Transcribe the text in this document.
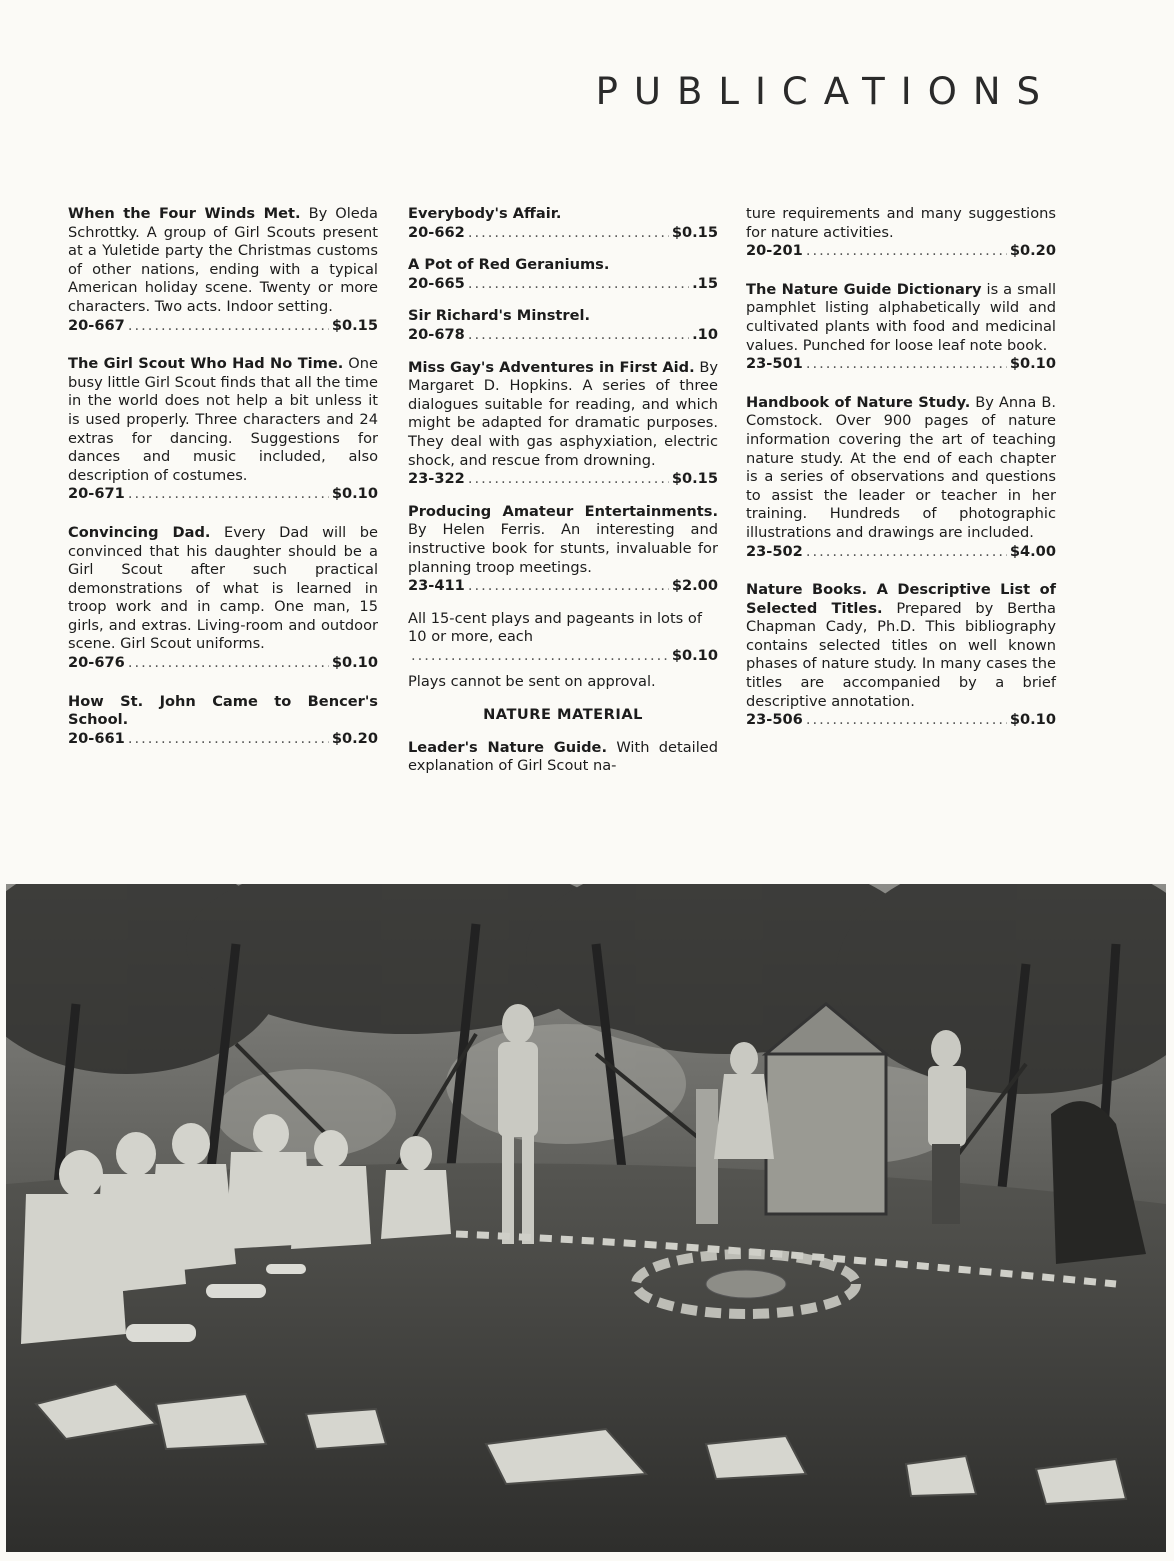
PUBLICATIONS

When the Four Winds Met. By Oleda Schrottky. A group of Girl Scouts present at a Yuletide party the Christmas customs of other nations, ending with a typical American holiday scene. Twenty or more characters. Two acts. Indoor setting.

20-667 .....	$0.15

The Girl Scout Who Had No Time. One busy little Girl Scout finds that all the time in the world does not help a bit unless it is used properly. Three characters and 24 extras for dancing. Suggestions for dances and music included, also description of costumes.

20-671 .....	$0.10

Convincing Dad. Every Dad will be convinced that his daughter should be a Girl Scout after such practical demonstrations of what is learned in troop work and in camp. One man, 15 girls, and extras. Living-room and outdoor scene. Girl Scout uniforms.

20-676 .....	$0.10

How St. John Came to Bencer's School.

20-661 .....	$0.20

Everybody's Affair.

20-662 .....	$0.15

A Pot of Red Geraniums.

20-665 .....	.15

Sir Richard's Minstrel.

20-678 .....	.10

Miss Gay's Adventures in First Aid. By Margaret D. Hopkins. A series of three dialogues suitable for reading, and which might be adapted for dramatic purposes. They deal with gas asphyxiation, electric shock, and rescue from drowning.

23-322 .....	$0.15

Producing Amateur Entertainments. By Helen Ferris. An interesting and instructive book for stunts, invaluable for planning troop meetings.

23-411 .....	$2.00
All 15-cent plays and pageants in lots of 10 or more, each
.....
$0.10

Plays cannot be sent on approval.

NATURE MATERIAL

Leader's Nature Guide. With detailed explanation of Girl Scout na-

ture requirements and many suggestions for nature activities.

20-201 .....	$0.20

The Nature Guide Dictionary is a small pamphlet listing alphabetically wild and cultivated plants with food and medicinal values. Punched for loose leaf note book.

23-501 .....	$0.10

Handbook of Nature Study. By Anna B. Comstock. Over 900 pages of nature information covering the art of teaching nature study. At the end of each chapter is a series of observations and questions to assist the leader or teacher in her training. Hundreds of photographic illustrations and drawings are included.

23-502 .....	$4.00

Nature Books. A Descriptive List of Selected Titles. Prepared by Bertha Chapman Cady, Ph.D. This bibliography contains selected titles on well known phases of nature study. In many cases the titles are accompanied by a brief descriptive annotation.

23-506 .....	$0.10
